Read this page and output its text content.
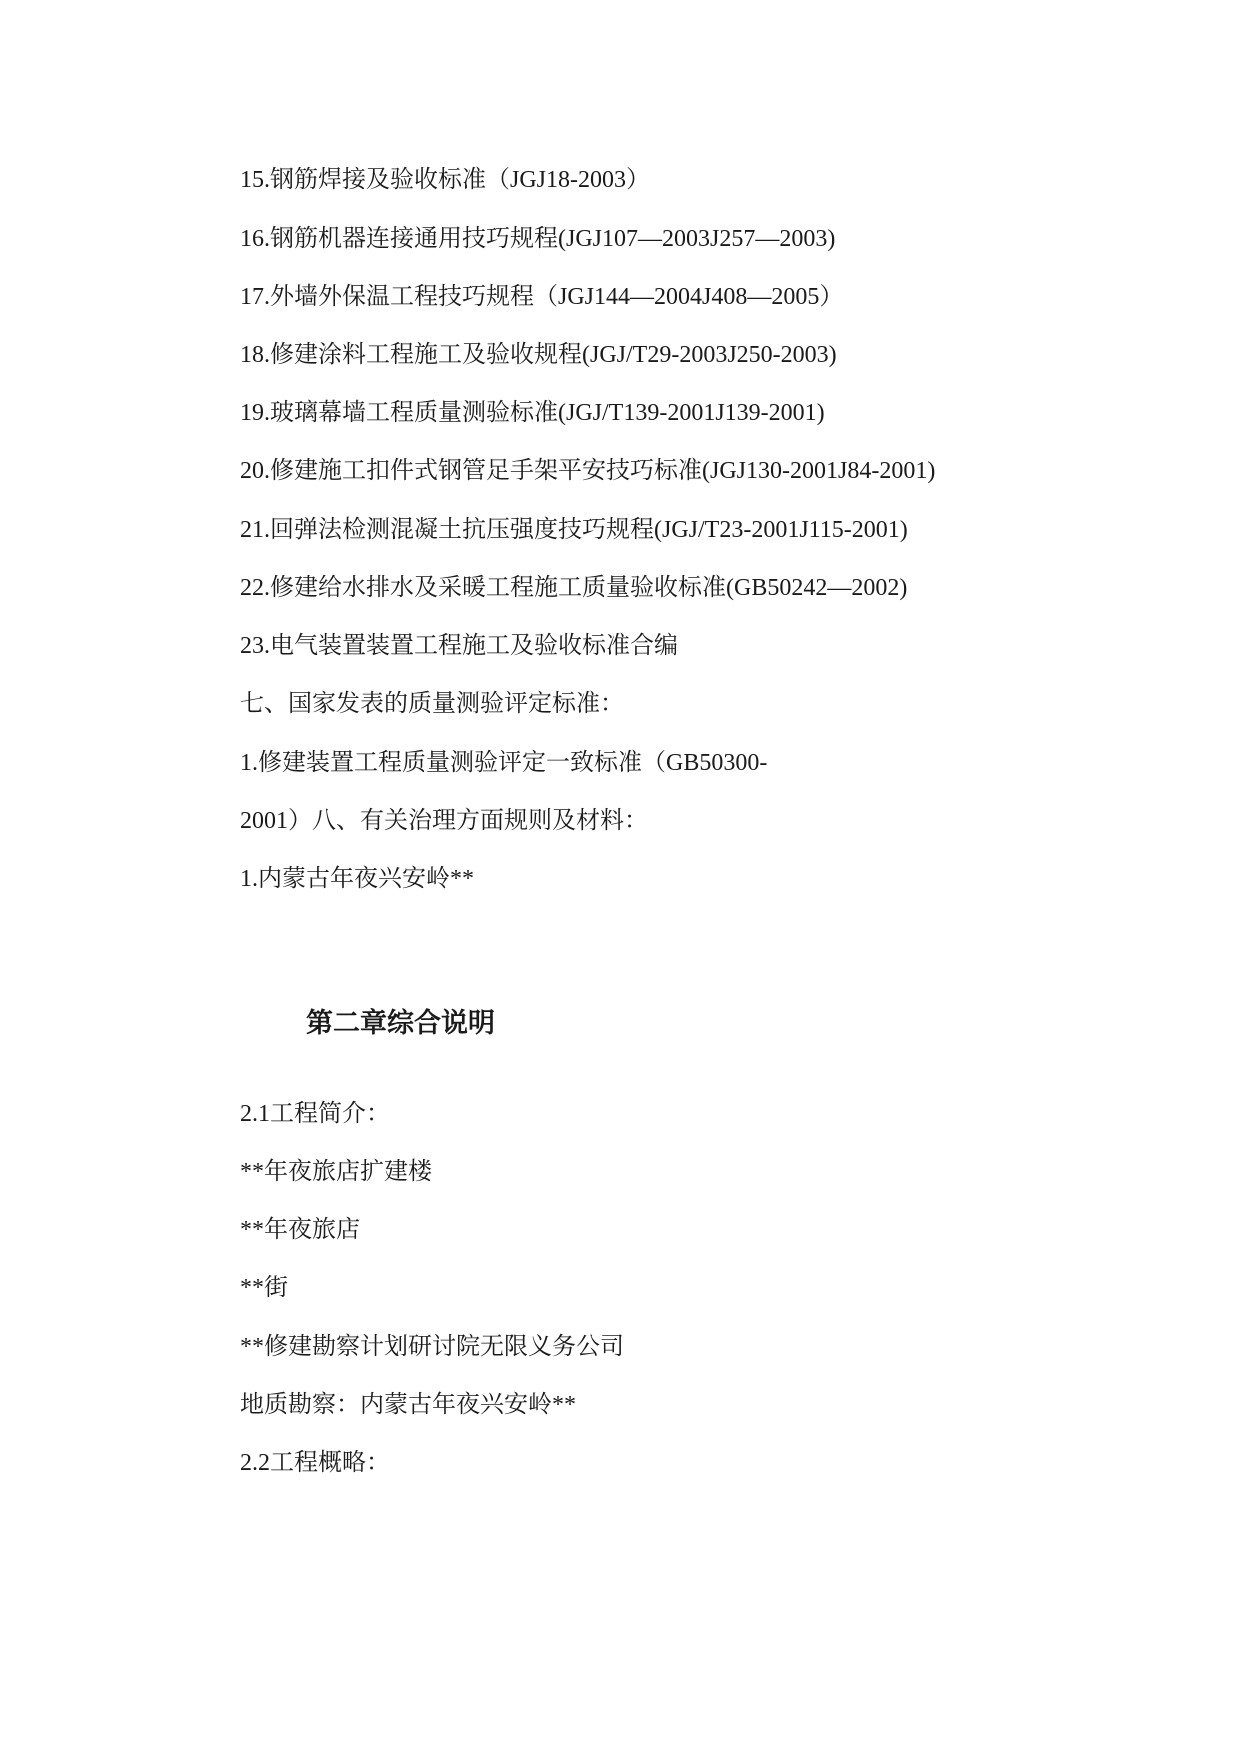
15.钢筋焊接及验收标准（JGJ18-2003）
16.钢筋机器连接通用技巧规程(JGJ107—2003J257—2003)
17.外墙外保温工程技巧规程（JGJ144—2004J408—2005）
18.修建涂料工程施工及验收规程(JGJ/T29-2003J250-2003)
19.玻璃幕墙工程质量测验标准(JGJ/T139-2001J139-2001)
20.修建施工扣件式钢管足手架平安技巧标准(JGJ130-2001J84-2001)
21.回弹法检测混凝土抗压强度技巧规程(JGJ/T23-2001J115-2001)
22.修建给水排水及采暖工程施工质量验收标准(GB50242—2002)
23.电气装置装置工程施工及验收标准合编
七、国家发表的质量测验评定标准：
1.修建装置工程质量测验评定一致标准（GB50300-
2001）八、有关治理方面规则及材料：
1.内蒙古年夜兴安岭**
第二章综合说明
2.1工程简介：
**年夜旅店扩建楼
**年夜旅店
**街
**修建勘察计划研讨院无限义务公司
地质勘察：内蒙古年夜兴安岭**
2.2工程概略：
